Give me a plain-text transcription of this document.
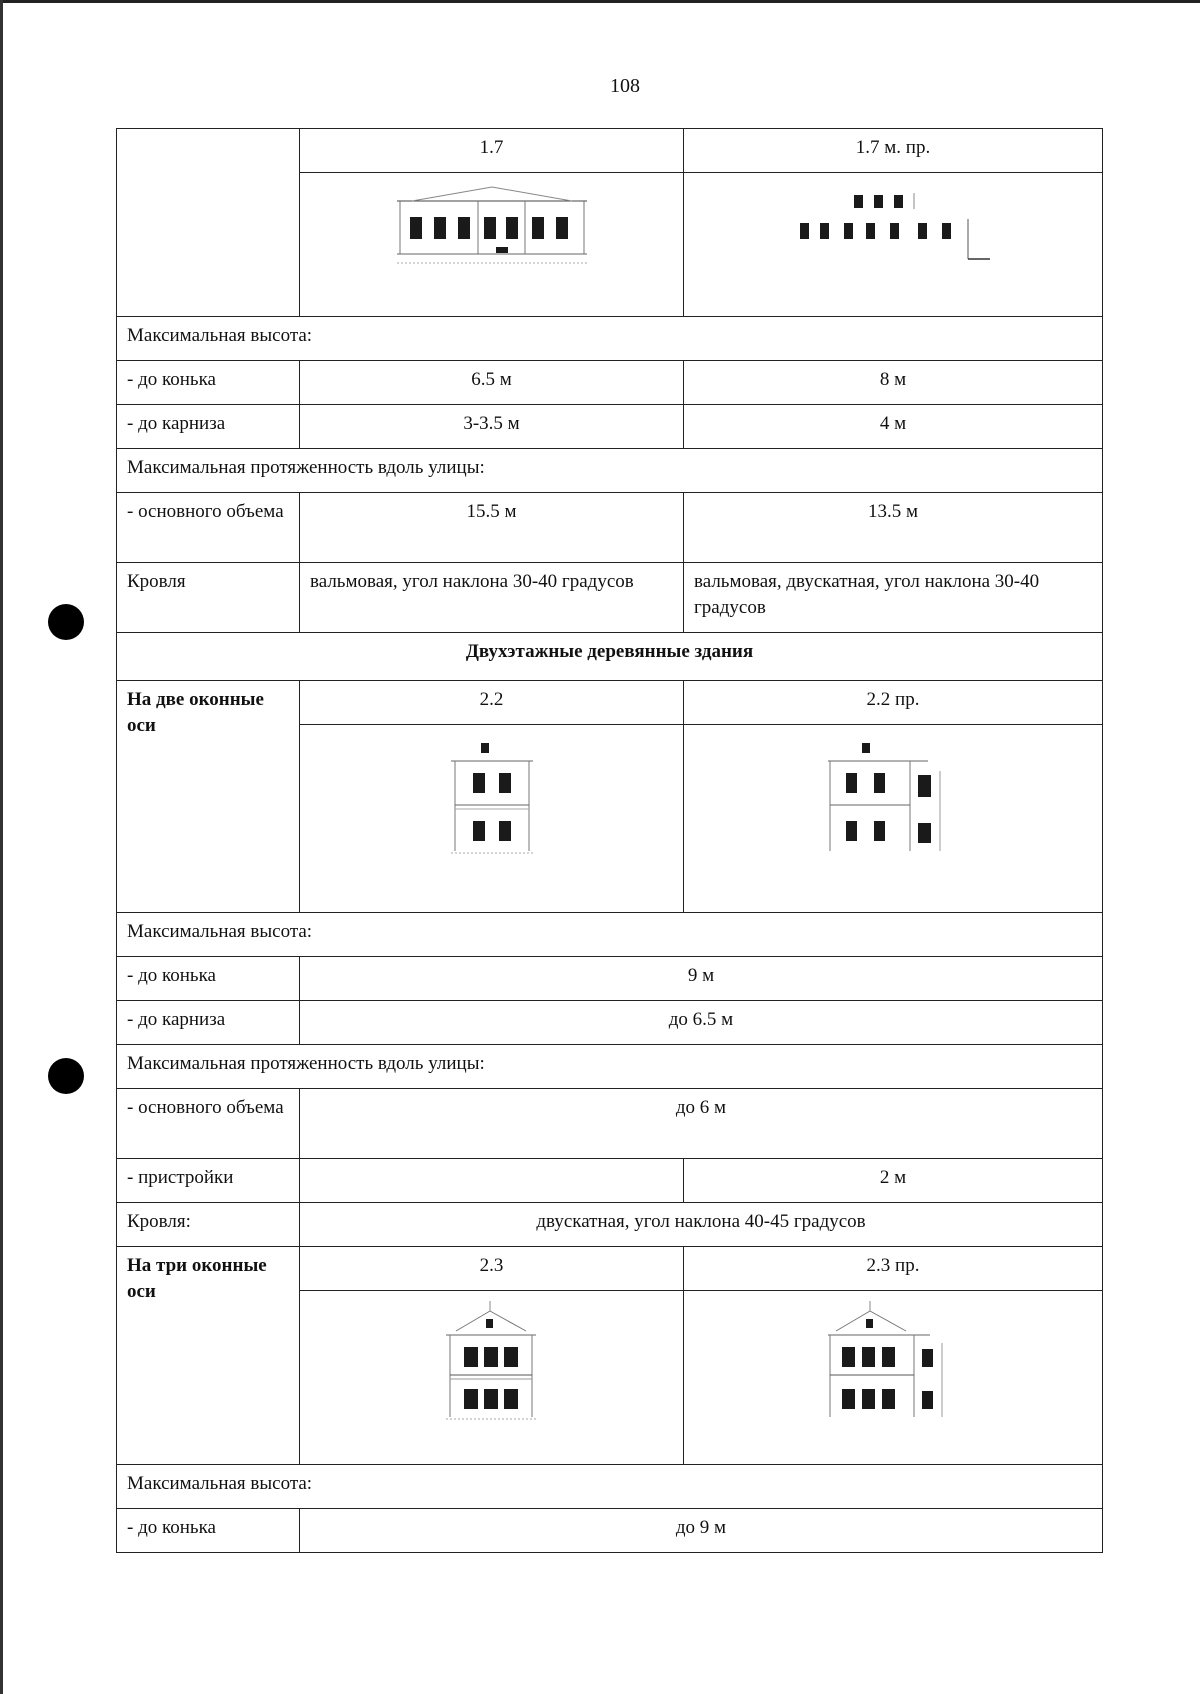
108
	1.7	1.7 м. пр.

Максимальная высота:		
- до конька	6.5 м	8 м
- до карниза	3-3.5 м	4 м
Максимальная протяженность вдоль улицы:		
- основного объема	15.5 м	13.5 м
Кровля	вальмовая, угол наклона 30-40 градусов	вальмовая, двускатная, угол наклона 30-40 градусов
Двухэтажные деревянные здания		
На две оконные оси	2.2	2.2 пр.

Максимальная высота:		
- до конька	9 м	
- до карниза	до 6.5 м	
Максимальная протяженность вдоль улицы:		
- основного объема	до 6 м	
- пристройки		2 м
Кровля:	двускатная, угол наклона 40-45 градусов	
На три оконные оси	2.3	2.3 пр.

Максимальная высота:		
- до конька	до 9 м	
